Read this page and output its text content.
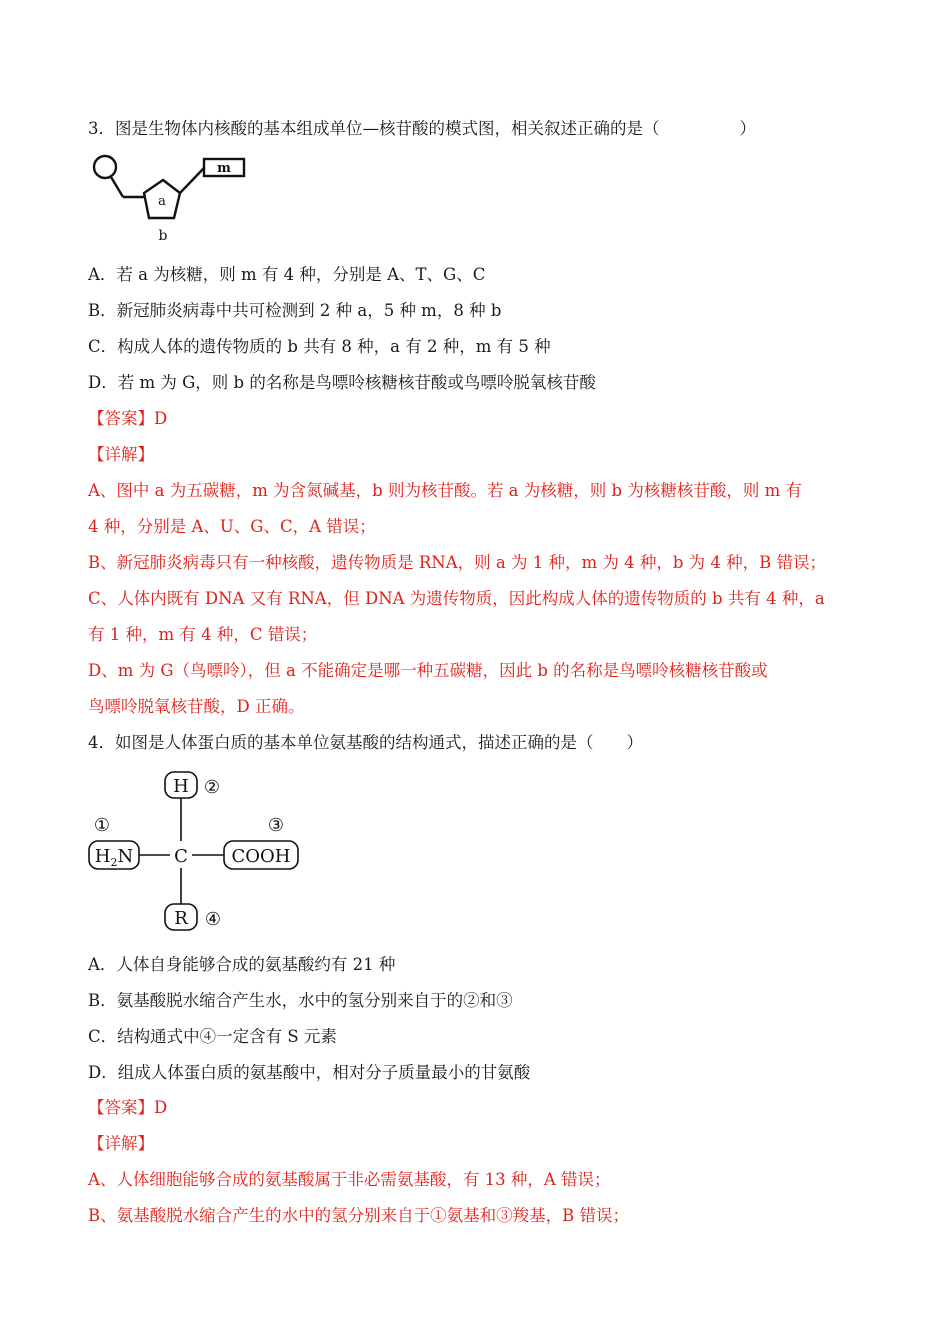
3．图是生物体内核酸的基本组成单位—核苷酸的模式图，相关叙述正确的是（	）
a
m
b
A．若 a 为核糖，则 m 有 4 种，分别是 A、T、G、C
B．新冠肺炎病毒中共可检测到 2 种 a，5 种 m，8 种 b
C．构成人体的遗传物质的 b 共有 8 种，a 有 2 种，m 有 5 种
D．若 m 为 G，则 b 的名称是鸟嘌呤核糖核苷酸或鸟嘌呤脱氧核苷酸
【答案】D
【详解】
A、图中 a 为五碳糖，m 为含氮碱基，b 则为核苷酸。若 a 为核糖，则 b 为核糖核苷酸，则 m 有
4 种，分别是 A、U、G、C，A 错误；
B、新冠肺炎病毒只有一种核酸，遗传物质是 RNA，则 a 为 1 种，m 为 4 种，b 为 4 种，B 错误；
C、人体内既有 DNA 又有 RNA，但 DNA 为遗传物质，因此构成人体的遗传物质的 b 共有 4 种，a
有 1 种，m 有 4 种，C 错误；
D、m 为 G（鸟嘌呤），但 a 不能确定是哪一种五碳糖，因此 b 的名称是鸟嘌呤核糖核苷酸或
鸟嘌呤脱氧核苷酸，D 正确。
4．如图是人体蛋白质的基本单位氨基酸的结构通式，描述正确的是（　　）
H ②
①
$H_2N$ C
③
COOH
R ④
A．人体自身能够合成的氨基酸约有 21 种
B．氨基酸脱水缩合产生水，水中的氢分别来自于的②和③
C．结构通式中④一定含有 S 元素
D．组成人体蛋白质的氨基酸中，相对分子质量最小的甘氨酸
【答案】D
【详解】
A、人体细胞能够合成的氨基酸属于非必需氨基酸，有 13 种，A 错误；
B、氨基酸脱水缩合产生的水中的氢分别来自于①氨基和③羧基，B 错误；
